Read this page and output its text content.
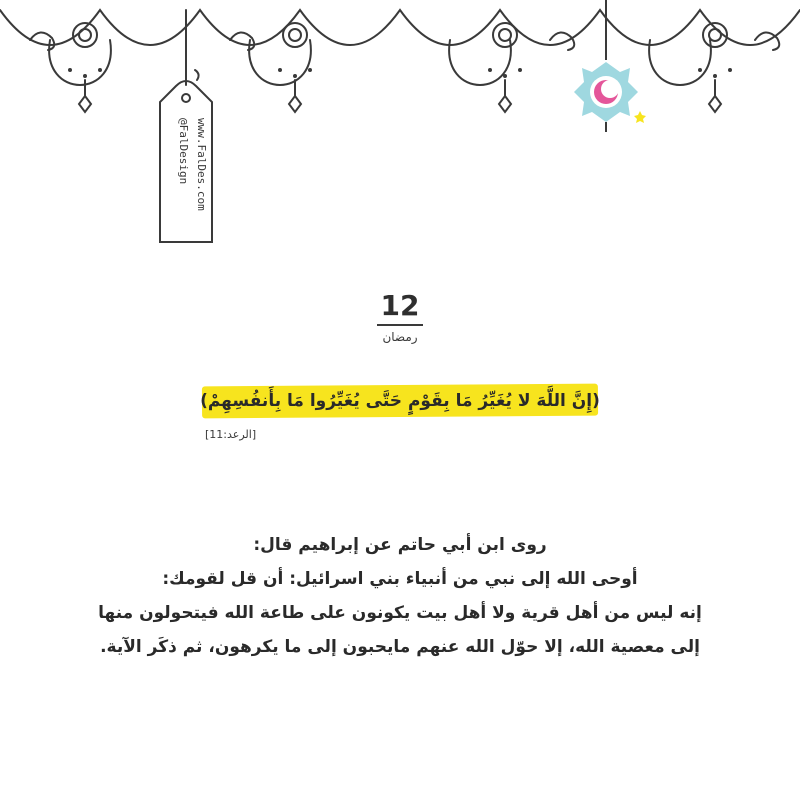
www.FalDes.com
@FalDesign
12
رمضان
(إِنَّ اللَّهَ لا يُغَيِّرُ مَا بِقَوْمٍ حَتَّى يُغَيِّرُوا مَا بِأَنفُسِهِمْ)
[الرعد:11]
روى ابن أبي حاتم عن إبراهيم قال:
أوحى الله إلى نبي من أنبياء بني اسرائيل: أن قل لقومك:
إنه ليس من أهل قرية ولا أهل بيت يكونون على طاعة الله فيتحولون منها
إلى معصية الله، إلا حوّل الله عنهم مايحبون إلى ما يكرهون، ثم ذكَر الآية.
